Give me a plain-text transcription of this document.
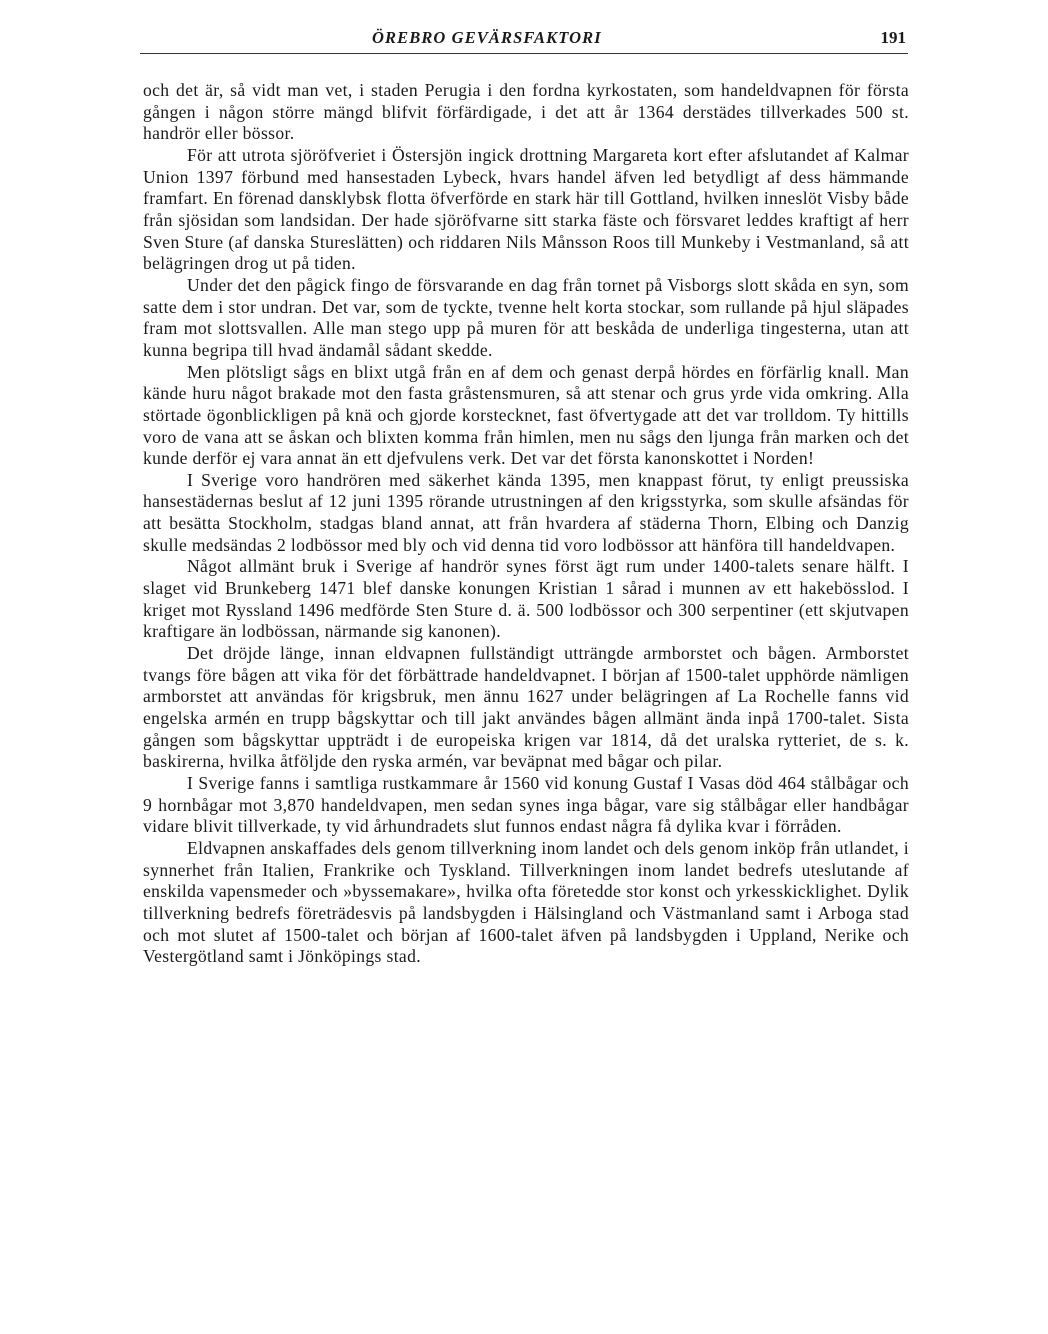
ÖREBRO GEVÄRSFAKTORI	191

och det är, så vidt man vet, i staden Perugia i den fordna kyrkostaten, som handeldvapnen för första gången i någon större mängd blifvit förfärdigade, i det att år 1364 derstädes tillverkades 500 st. handrör eller bössor.

För att utrota sjöröfveriet i Östersjön ingick drottning Margareta kort efter afslutandet af Kalmar Union 1397 förbund med hansestaden Lybeck, hvars handel äfven led betydligt af dess hämmande framfart. En förenad dansklybsk flotta öfverförde en stark här till Gottland, hvilken inneslöt Visby både från sjösidan som landsidan. Der hade sjöröfvarne sitt starka fäste och försvaret leddes kraftigt af herr Sven Sture (af danska Stureslätten) och riddaren Nils Månsson Roos till Munkeby i Vestmanland, så att belägringen drog ut på tiden.

Under det den pågick fingo de försvarande en dag från tornet på Visborgs slott skåda en syn, som satte dem i stor undran. Det var, som de tyckte, tvenne helt korta stockar, som rullande på hjul släpades fram mot slottsvallen. Alle man stego upp på muren för att beskåda de underliga tingesterna, utan att kunna begripa till hvad ändamål sådant skedde.

Men plötsligt sågs en blixt utgå från en af dem och genast derpå hördes en förfärlig knall. Man kände huru något brakade mot den fasta gråstensmuren, så att stenar och grus yrde vida omkring. Alla störtade ögonblickligen på knä och gjorde korstecknet, fast öfvertygade att det var trolldom. Ty hittills voro de vana att se åskan och blixten komma från himlen, men nu sågs den ljunga från marken och det kunde derför ej vara annat än ett djefvulens verk. Det var det första kanonskottet i Norden!

I Sverige voro handrören med säkerhet kända 1395, men knappast förut, ty enligt preussiska hansestädernas beslut af 12 juni 1395 rörande utrustningen af den krigsstyrka, som skulle afsändas för att besätta Stockholm, stadgas bland annat, att från hvardera af städerna Thorn, Elbing och Danzig skulle medsändas 2 lodbössor med bly och vid denna tid voro lodbössor att hänföra till handeldvapen.

Något allmänt bruk i Sverige af handrör synes först ägt rum under 1400-talets senare hälft. I slaget vid Brunkeberg 1471 blef danske konungen Kristian 1 sårad i munnen av ett hakebösslod. I kriget mot Ryssland 1496 medförde Sten Sture d. ä. 500 lodbössor och 300 serpentiner (ett skjutvapen kraftigare än lodbössan, närmande sig kanonen).

Det dröjde länge, innan eldvapnen fullständigt utträngde armborstet och bågen. Armborstet tvangs före bågen att vika för det förbättrade handeldvapnet. I början af 1500-talet upphörde nämligen armborstet att användas för krigsbruk, men ännu 1627 under belägringen af La Rochelle fanns vid engelska armén en trupp bågskyttar och till jakt användes bågen allmänt ända inpå 1700-talet. Sista gången som bågskyttar uppträdt i de europeiska krigen var 1814, då det uralska rytteriet, de s. k. baskirerna, hvilka åtföljde den ryska armén, var beväpnat med bågar och pilar.

I Sverige fanns i samtliga rustkammare år 1560 vid konung Gustaf I Vasas död 464 stålbågar och 9 hornbågar mot 3,870 handeldvapen, men sedan synes inga bågar, vare sig stålbågar eller handbågar vidare blivit tillverkade, ty vid århundradets slut funnos endast några få dylika kvar i förråden.

Eldvapnen anskaffades dels genom tillverkning inom landet och dels genom inköp från utlandet, i synnerhet från Italien, Frankrike och Tyskland. Tillverkningen inom landet bedrefs uteslutande af enskilda vapensmeder och »byssemakare», hvilka ofta företedde stor konst och yrkesskicklighet. Dylik tillverkning bedrefs företrädesvis på landsbygden i Hälsingland och Västmanland samt i Arboga stad och mot slutet af 1500-talet och början af 1600-talet äfven på landsbygden i Uppland, Nerike och Vestergötland samt i Jönköpings stad.
